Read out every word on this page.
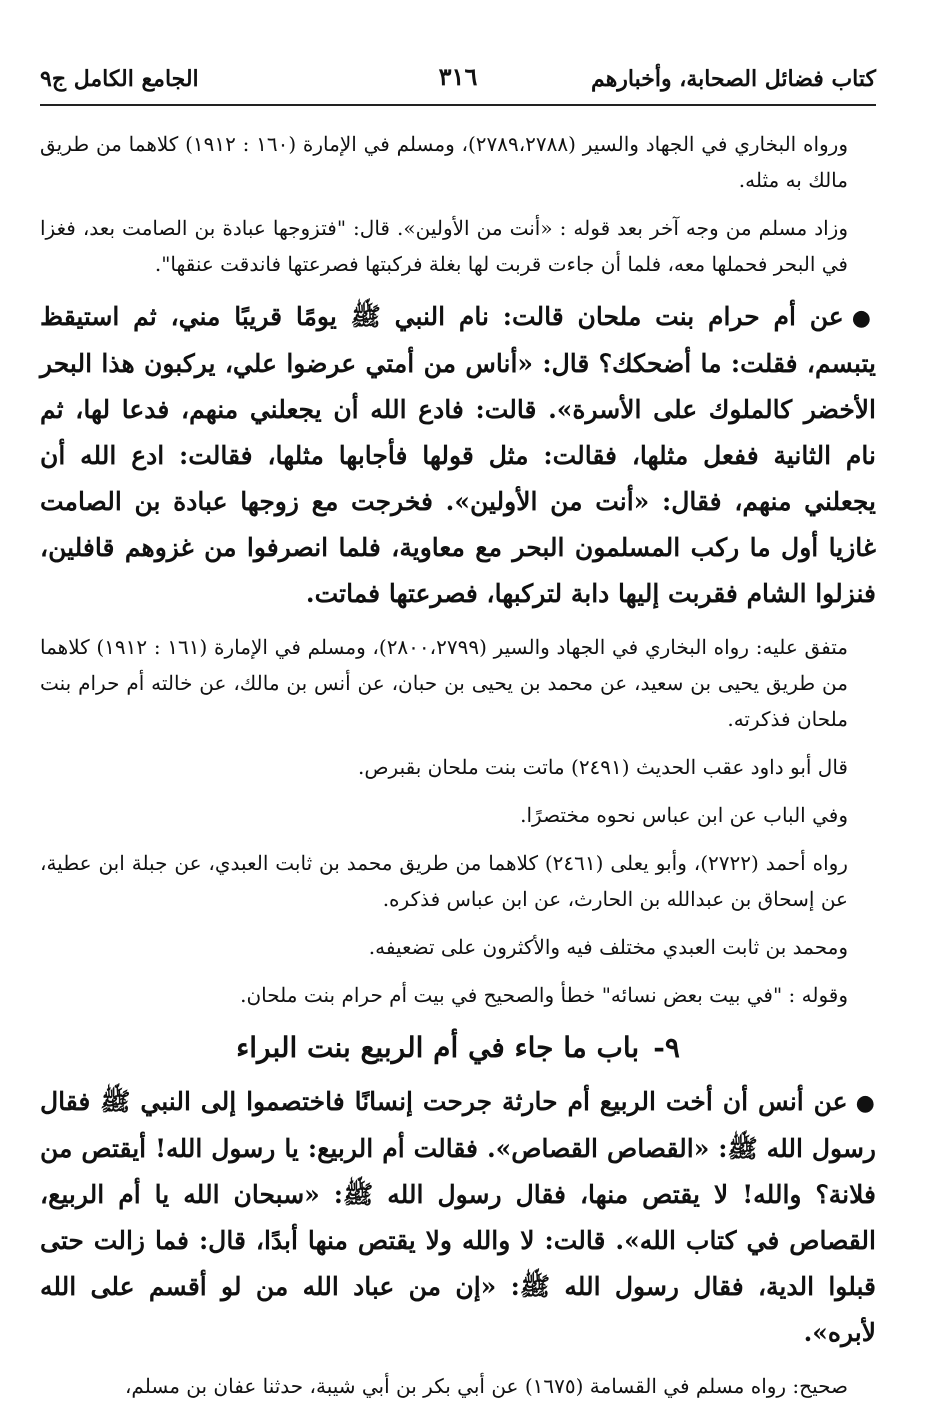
كتاب فضائل الصحابة، وأخبارهم
٣١٦
الجامع الكامل ج٩

ورواه البخاري في الجهاد والسير (٢٧٨٩،٢٧٨٨)، ومسلم في الإمارة (١٦٠ : ١٩١٢) كلاهما من طريق مالك به مثله.

وزاد مسلم من وجه آخر بعد قوله : «أنت من الأولين». قال: "فتزوجها عبادة بن الصامت بعد، فغزا في البحر فحملها معه، فلما أن جاءت قربت لها بغلة فركبتها فصرعتها فاندقت عنقها".

●عن أم حرام بنت ملحان قالت: نام النبي ﷺ يومًا قريبًا مني، ثم استيقظ يتبسم، فقلت: ما أضحكك؟ قال: «أناس من أمتي عرضوا علي، يركبون هذا البحر الأخضر كالملوك على الأسرة». قالت: فادع الله أن يجعلني منهم، فدعا لها، ثم نام الثانية ففعل مثلها، فقالت: مثل قولها فأجابها مثلها، فقالت: ادع الله أن يجعلني منهم، فقال: «أنت من الأولين». فخرجت مع زوجها عبادة بن الصامت غازيا أول ما ركب المسلمون البحر مع معاوية، فلما انصرفوا من غزوهم قافلين، فنزلوا الشام فقربت إليها دابة لتركبها، فصرعتها فماتت.

متفق عليه: رواه البخاري في الجهاد والسير (٢٨٠٠،٢٧٩٩)، ومسلم في الإمارة (١٦١ : ١٩١٢) كلاهما من طريق يحيى بن سعيد، عن محمد بن يحيى بن حبان، عن أنس بن مالك، عن خالته أم حرام بنت ملحان فذكرته.

قال أبو داود عقب الحديث (٢٤٩١) ماتت بنت ملحان بقبرص.

وفي الباب عن ابن عباس نحوه مختصرًا.

رواه أحمد (٢٧٢٢)، وأبو يعلى (٢٤٦١) كلاهما من طريق محمد بن ثابت العبدي، عن جبلة ابن عطية، عن إسحاق بن عبدالله بن الحارث، عن ابن عباس فذكره.

ومحمد بن ثابت العبدي مختلف فيه والأكثرون على تضعيفه.

وقوله : "في بيت بعض نسائه" خطأ والصحيح في بيت أم حرام بنت ملحان.

٩-باب ما جاء في أم الربيع بنت البراء

●عن أنس أن أخت الربيع أم حارثة جرحت إنسانًا فاختصموا إلى النبي ﷺ فقال رسول الله ﷺ: «القصاص القصاص». فقالت أم الربيع: يا رسول الله! أيقتص من فلانة؟ والله! لا يقتص منها، فقال رسول الله ﷺ: «سبحان الله يا أم الربيع، القصاص في كتاب الله». قالت: لا والله ولا يقتص منها أبدًا، قال: فما زالت حتى قبلوا الدية، فقال رسول الله ﷺ: «إن من عباد الله من لو أقسم على الله لأبره».

صحيح: رواه مسلم في القسامة (١٦٧٥) عن أبي بكر بن أبي شيبة، حدثنا عفان بن مسلم،
